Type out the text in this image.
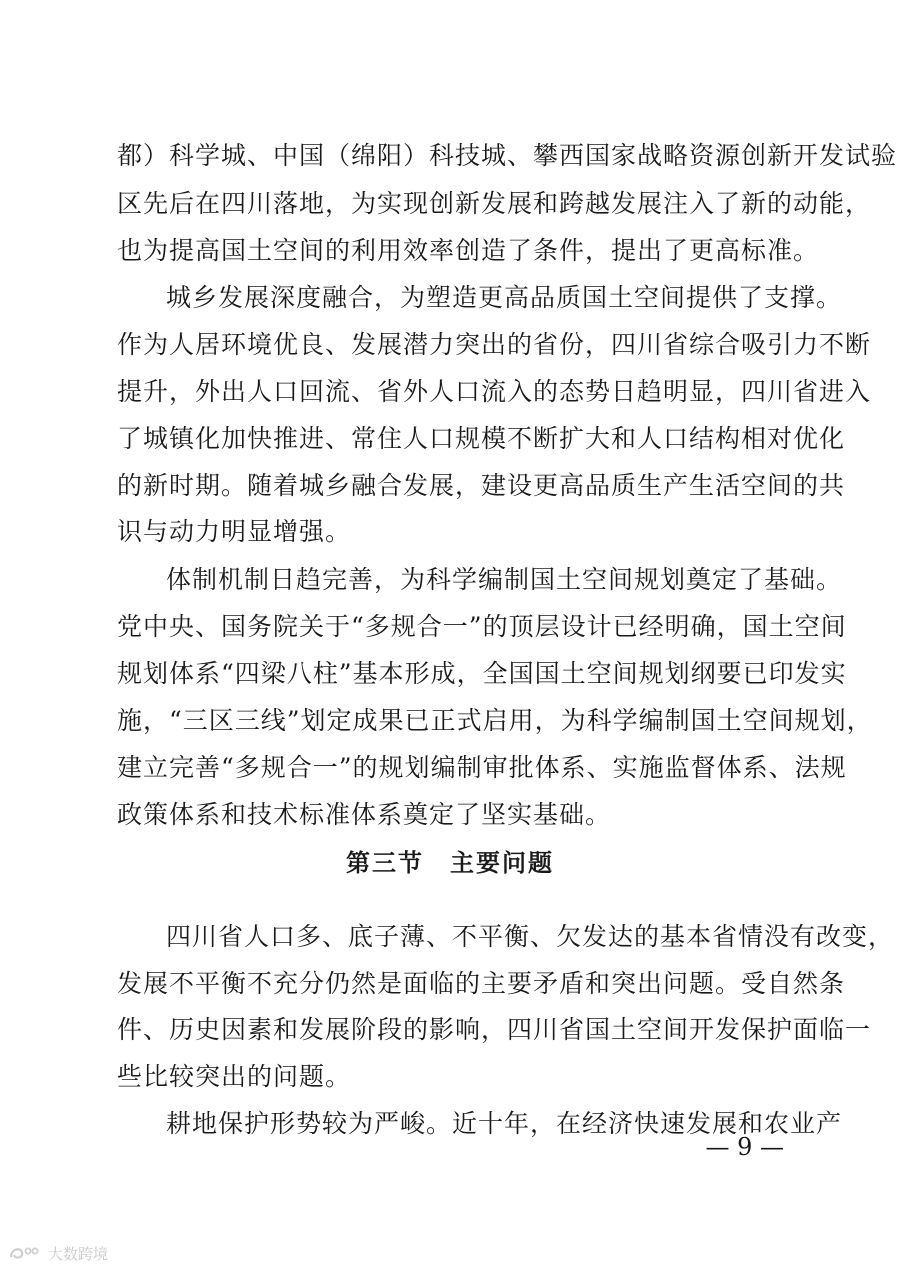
都）科学城、中国（绵阳）科技城、攀西国家战略资源创新开发试验
区先后在四川落地，为实现创新发展和跨越发展注入了新的动能，
也为提高国土空间的利用效率创造了条件，提出了更高标准。
城乡发展深度融合，为塑造更高品质国土空间提供了支撑。
作为人居环境优良、发展潜力突出的省份，四川省综合吸引力不断
提升，外出人口回流、省外人口流入的态势日趋明显，四川省进入
了城镇化加快推进、常住人口规模不断扩大和人口结构相对优化
的新时期。随着城乡融合发展，建设更高品质生产生活空间的共
识与动力明显增强。
体制机制日趋完善，为科学编制国土空间规划奠定了基础。
党中央、国务院关于“多规合一”的顶层设计已经明确，国土空间
规划体系“四梁八柱”基本形成，全国国土空间规划纲要已印发实
施，“三区三线”划定成果已正式启用，为科学编制国土空间规划，
建立完善“多规合一”的规划编制审批体系、实施监督体系、法规
政策体系和技术标准体系奠定了坚实基础。
第三节　主要问题
四川省人口多、底子薄、不平衡、欠发达的基本省情没有改变，
发展不平衡不充分仍然是面临的主要矛盾和突出问题。受自然条
件、历史因素和发展阶段的影响，四川省国土空间开发保护面临一
些比较突出的问题。
耕地保护形势较为严峻。近十年，在经济快速发展和农业产
— 9 —
大数跨境
